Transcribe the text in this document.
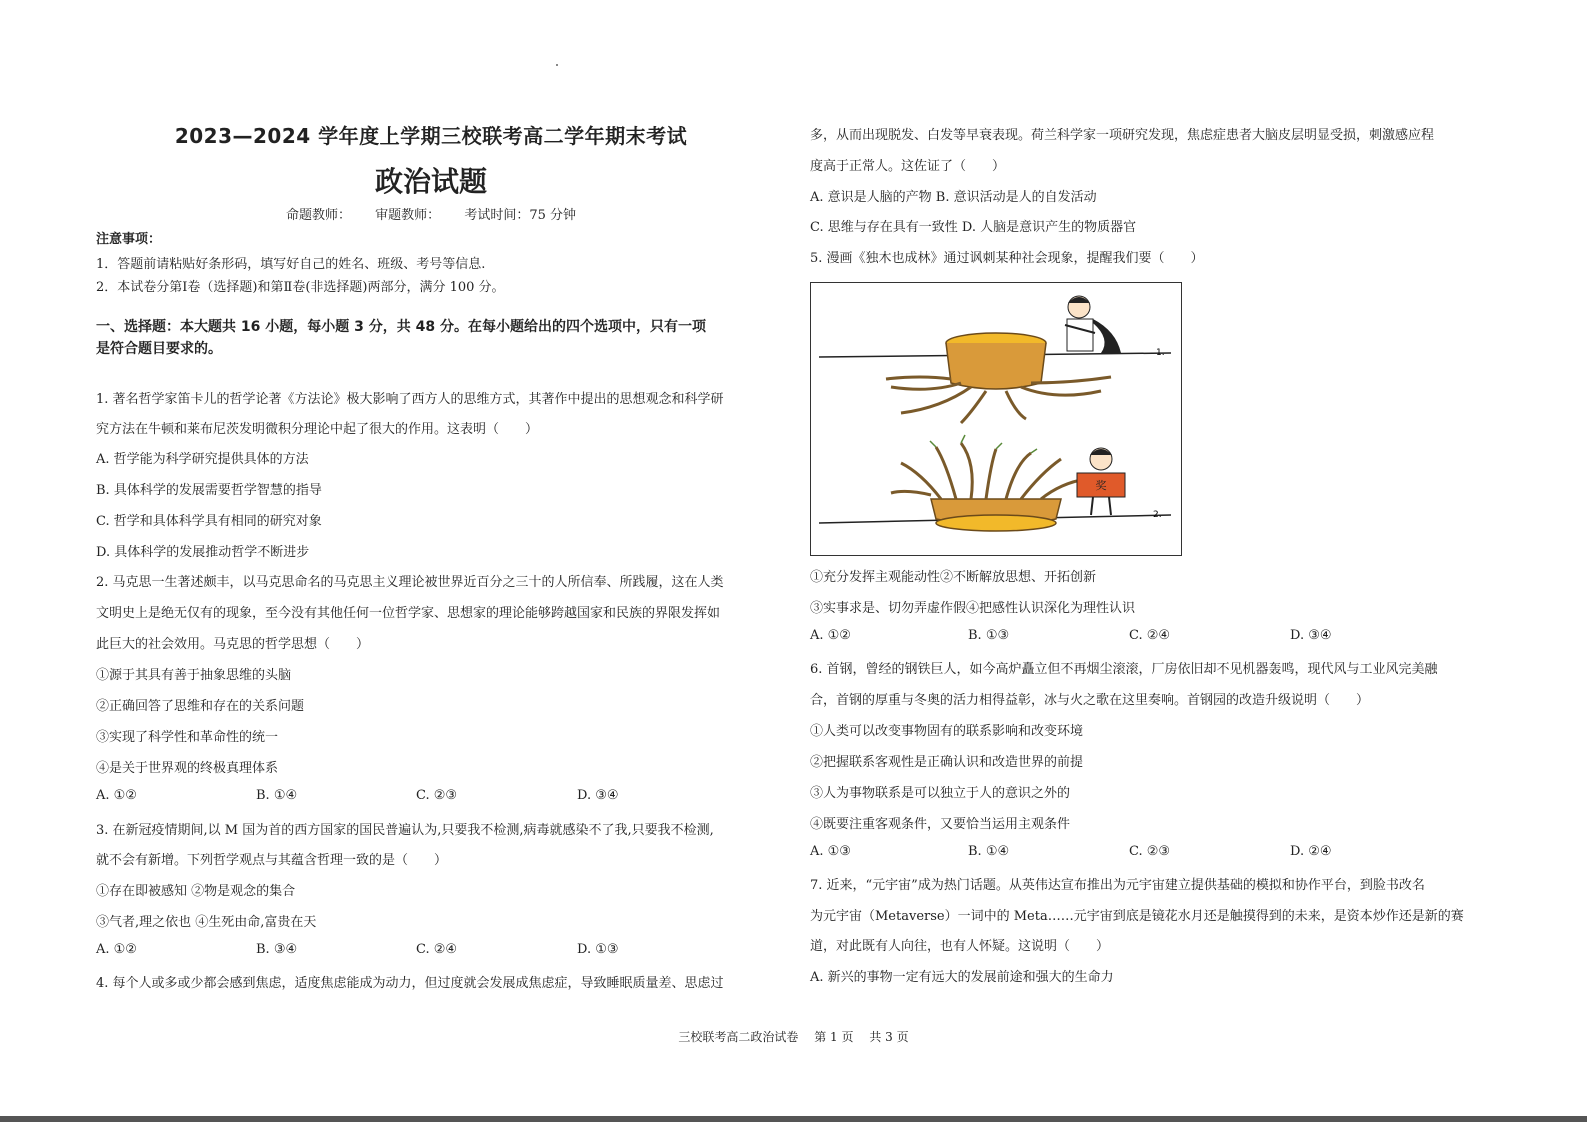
2023—2024 学年度上学期三校联考高二学年期末考试
政治试题
命题教师： 审题教师： 考试时间：75 分钟
注意事项：
1．答题前请粘贴好条形码，填写好自己的姓名、班级、考号等信息.
2．本试卷分第Ⅰ卷（选择题)和第Ⅱ卷(非选择题)两部分，满分 100 分。
一、选择题：本大题共 16 小题，每小题 3 分，共 48 分。在每小题给出的四个选项中，只有一项
是符合题目要求的。
1. 著名哲学家笛卡儿的哲学论著《方法论》极大影响了西方人的思维方式，其著作中提出的思想观念和科学研
究方法在牛顿和莱布尼茨发明微积分理论中起了很大的作用。这表明（　　）
A. 哲学能为科学研究提供具体的方法
B. 具体科学的发展需要哲学智慧的指导
C. 哲学和具体科学具有相同的研究对象
D. 具体科学的发展推动哲学不断进步
2. 马克思一生著述颇丰，以马克思命名的马克思主义理论被世界近百分之三十的人所信奉、所践履，这在人类
文明史上是绝无仅有的现象，至今没有其他任何一位哲学家、思想家的理论能够跨越国家和民族的界限发挥如
此巨大的社会效用。马克思的哲学思想（　　）
①源于其具有善于抽象思维的头脑
②正确回答了思维和存在的关系问题
③实现了科学性和革命性的统一
④是关于世界观的终极真理体系
A. ①②	B. ①④	C. ②③	D. ③④
3. 在新冠疫情期间,以 M 国为首的西方国家的国民普遍认为,只要我不检测,病毒就感染不了我,只要我不检测,
就不会有新增。下列哲学观点与其蕴含哲理一致的是（　　）
①存在即被感知 ②物是观念的集合
③气者,理之依也 ④生死由命,富贵在天
A. ①②	B. ③④	C. ②④	D. ①③
4. 每个人或多或少都会感到焦虑，适度焦虑能成为动力，但过度就会发展成焦虑症，导致睡眠质量差、思虑过
多，从而出现脱发、白发等早衰表现。荷兰科学家一项研究发现，焦虑症患者大脑皮层明显受损，刺激感应程
度高于正常人。这佐证了（　　）
A. 意识是人脑的产物 B. 意识活动是人的自发活动
C. 思维与存在具有一致性 D. 人脑是意识产生的物质器官
5. 漫画《独木也成林》通过讽刺某种社会现象，提醒我们要（　　）
1.
奖
2.
①充分发挥主观能动性②不断解放思想、开拓创新
③实事求是、切勿弄虚作假④把感性认识深化为理性认识
A. ①②	B. ①③	C. ②④	D. ③④
6. 首钢，曾经的钢铁巨人，如今高炉矗立但不再烟尘滚滚，厂房依旧却不见机器轰鸣，现代风与工业风完美融
合，首钢的厚重与冬奥的活力相得益彰，冰与火之歌在这里奏响。首钢园的改造升级说明（　　）
①人类可以改变事物固有的联系影响和改变环境
②把握联系客观性是正确认识和改造世界的前提
③人为事物联系是可以独立于人的意识之外的
④既要注重客观条件，又要恰当运用主观条件
A. ①③	B. ①④	C. ②③	D. ②④
7. 近来，“元宇宙”成为热门话题。从英伟达宣布推出为元宇宙建立提供基础的模拟和协作平台，到脸书改名
为元宇宙（Metaverse）一词中的 Meta……元宇宙到底是镜花水月还是触摸得到的未来，是资本炒作还是新的赛
道，对此既有人向往，也有人怀疑。这说明（　　）
A. 新兴的事物一定有远大的发展前途和强大的生命力
三校联考高二政治试卷 第 1 页 共 3 页
